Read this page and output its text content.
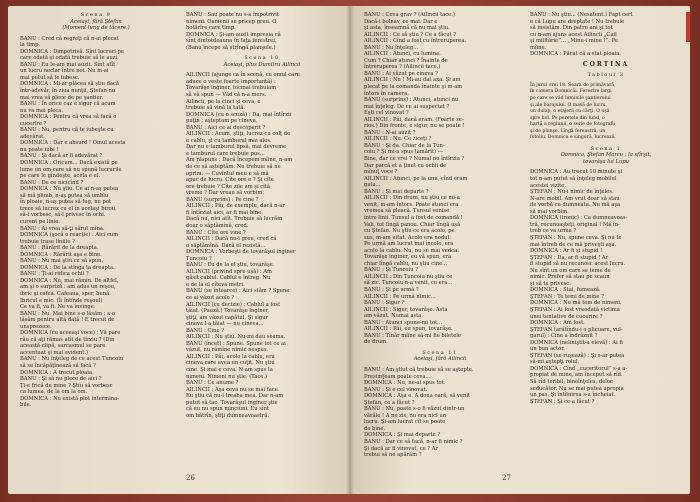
Scena 9

Aceiaşi, fără Ştefan

(Moment lung de tăcere.)

BANU : Cred că regreţi că n-ai plecat

la timp.

DOMNICA : Dimpotrivă. Sînt lucruri pe

care odată şi odată trebuie să le auzi.

BANU : Eu le-am mai auzit. Sînt atît

un lucru neclar între noi. Nu m-ai

mai putut să le iubesc.

DOMNICA : Mi-ar plăcea să ştiu dacă

într-adevăr, în ziua nunţii, Ştefan nu

mai vrea să plece de pe şantier.

BANU : În orice caz e sigur că acum

nu va mai pleca.

DOMNICA : Pentru că vrea să facă o

cucerire ?

BANU : Nu, pentru că te iubeşte cu

adevărat.

DOMNICA : Dar e absurd ! Omul acesta

nu poate iubi !

BANU : Şi dacă ar fi adevărat ?

DOMNICA : Oricum... Dacă există pe

lume un om care să nu spună lucrurile

pe care le gîndeşte, acela e el.

BANU : De ce nicicînd ?

DOMNICA : Nu ştiu. Ce ai n-aş putea

să mă plimb, n-aş putea să umblu

în ploaie, n-aş putea să fug, nu pot

trece să lucrez cu el în acelaşi birou,

să-i vorbesc, să-l privesc în ochi.

curent pe linie.

BANU : Ai vrea să-ţi sărut mîna.

DOMNICA (şocă o reacţie) : Aici cum

trebuie trase liniile ?

BANU : Rărărit de la dreapta.

DOMNICA : Rărărit aşa e bine.

BANU : Nu mai ştiu ce să spun.

DOMNICA : De la stînga la dreapta.

BANU : Ţi-ai ridica ochii ?

DOMNICA : Nu, mai rămîn. De altfel,

am şi o surpriză : am adus un reşou,

ibric şi cafea. Cafeaua, sper, bună.

Ibricul e mic. (Îi întinde reşoul)

Ce va fi, va fi. Ne va învinge.

BANU : Nu. Mai bine s-o lăsăm ; a-o

lăsăm pentru altă dată ! E trecut de

unsprezece.

DOMNICA (cu aceeaşi voce) : Vă pare

rău că aţi rămas atît de tîrziu ? (Din

această clipă, sarcasmul se pare

accentuat şi mai evident.)

BANU : Nu înţeleg de ce acest Tuncoiu

să se încăpăţînează să facă ?

DOMNICA : A trecut ploaia.

BANU : Şi să nu plece de aici ?

Ţi-e frică de mine ? Ştiu să vorbesc

ca lumea, de la om la om.

DOMNICA : Nu există plot intermina-

bile.

BANU : Sau poate nu s-a împotrivit

nimeni. Oamenii se pricep greu. O

hotărîre care timp.

DOMNICA : Şi-am auzit impresia că

sînt dintotdeauna în faţa ferestrei.

(Banu începe să strîngă planşele.)

Scena 10

Aceiaşi, plus Dumitru Ailincii

AILINCII (ajunge ca în scenă, cu omul care

aduce o veste foarte importantă) :

Tovarăşe inginer, tocmai trebuiam

să vă spun — Văd că n-a mers.

Ailincii, pe la cinci şi ceva, e

trebuie să vină la tată.

DOMNICA (cu o scuză) : Da, mai întîrzii

puţin ; aşteptam pe cineva.

BANU : Aici ce ai descoperit ?

AILINCII : Acum, ştiţi, lucrez cu colţ de

e cablu, şi cu tamburul mai ales.

Dar nu e tamburul lipsă, mai devreme

e tamburul care trebuie pus...

Am răspuns : Dacă începem mîine, n-am

de ce să aşteptăm. Nu trebuie să ne

oprim. — Cuvîntul meu e să mă

apuc de lucru. Cîte ore e ? Şi cîte

ore trebuie ? Cîte zile am şi cîtă

vreme ? Dar vreau să vorbim.

BANU (surprins) : Pe cine ?

AILINCII : Păi, de exemplu, dacă n-ar

fi întîrziat aici, ar fi mai bine.

Dacă nu, nici atît. Trebuie să lucrăm

doar o săptămînă, cred.

BANU : Cîte ore vine ?

AILINCII : Dacă nu-i greu, cred că

o săptămînă. Dacă el rezistă...

DOMNICA : Vorbeşti de tovarăşul inginer

Tuncoiu ?

BANU : Eu de la el ştiu, tovarăşe.

AILINCII (privind spre ușă) : Am

găsit cablul. Cablul e întreg. Nu

e de la el cîteva metri.

BANU (se întoarce) : Aici stăm ? Spune

ce ai văzut acolo ?

AILINCII (cu decizie) : Cablul a fost

tăiat. (Pauză.) Tovarăşe inginer,

ştiţi, am văzut capătul. Şi sigur

cineva l-a tăiat — nu cineva...

BANU : Cine ?

AILINCII : Nu ştiu. Nu-mi dau seama.

BANU (încet) : Spune. Spune tot ce ai

văzut, nu rămîne nimic nespus.

AILINCII : Păi, acolo la cablu, era

cineva care avea un cuţit. Nu ştiu

cine. Şi mai e ceva. N-am spus la

nimeni. Nimeni nu ştie. (Tace.)

BANU : Ce anume ?

AILINCII : Aşa ceva nu se mai face.

Eu ştiu că nu-i treaba mea. Dar n-am

putut să tac. Tovarăşul inginer ştie

că eu nu spun minciuni. Eu sînt

om bătrîn, ştiţi dumneavoastră.

26

BANU : Ceva grav ? (Ailincii tace.)

Dacă-i bolnav, ce mai. Dar e

şi asta, înseamnă că nu mai ştiu.

AILINCII : Ce să ştiu ? Ce a făcut ?

AILINCII : Cînd a fost cu întreruperea.

BANU : Nu înţeleg...

AILINCII : Atunci, cu lumina.

Cum ? Chiar atunci ? Înainte de

întreruperea ? (Ailincii tace.)

BANU : Ai văzut pe cineva ?

AILINCII : Nu ! Mi-au dat axa. Şi am

plecat pe la comanda înainte şi m-am

întors în camera.

BANU (surprins) : Atunci, atunci nu

mai înţeleg. De ce ai suspectat ?

Eşti cel vinovat ?

AILINCII : Păi, dacă eram. (Foarte se-

rios.) Din fronte, e sigur, nu se poate !

BANU : N-ai auzit ?

AILINCII : Nu. Ce ziceţi ?

BANU : Şi da. Chiar de la Tun-

coiu ? Şi mi-a spus (amărît) —

Bine, dar ce vrei ? Numai nu întîrzia ?

Dar parcă et a ţinut cu ochii de

mînuţ voce ?

AILINCII : Atunci, pe la unu, cînd eram

gata...

BANU : Şi mai departe ?

AILINCII : Din drum, nu ştiu ce mi-a

venit, m-am întors. Poate atunci era

vremea să pleacă. Tunsul venise

între linii. Tunsul a fost de comandă !

Vali, tot lîngă panou. Chiar lîngă ușă

cu Ştefan. Nu ştiu ce era acolo, pe

sus, m-am uitat. Acolo era nodul.

Pe urmă am lucrat mai încolo, era

acolo la cablu. Nu, nu se mai vedea.

Tovarăşe inginer, eu vă spun, era

chiar lîngă cablu, nu ştiu cine...

BANU : Şi Tuncoiu ?

AILINCII : Din Tuncoiu nu ştiu ce

să zic. Tuncoiu n-a venit, ce era...

BANU : Şi pe urmă ?

AILINCII : Pe urmă nimic...

BANU : Sigur ?

AILINCII : Sigur, tovarăşe. Asta

am văzut. Numai asta.

BANU : Atunci spune-mi tot...

AILINCII : Păi, eu spun, tovarăşe.

BANU : Tînăr mîine să-mi fie biletele

de drum.

Scena 11

Aceiaşi, fără Ailincii

BANU : Am ştiut că trebuie să se aştepte.

Presimţeam poate ceva...

DOMNICA : Nu, ne-ai spus tot.

BANU : Şi e cel vinovat.

DOMNICA : Aşa e. A doua oară, să venit

Ştefan, ce a făcut ?

BANU : Nu, poate s-o fi văzut dintr-un

vărăle ! A ne zis, nu era nici un

lucru. Şi-am lucrat cît se poate

de bine.

DOMNICA : Şi mai departe ?

BANU : Dar ce să facă, n-ar fi nimic ?

Şi dacă ar fi vinovat, ce ? Ar

trebui să ne apărăm ?

BANU : Nu ştiu... (Nesatent.) Fapt cert

e că Lupu are dreptate ! Nu trebuie

să insistăm. Din patru ani şi tot

cu n-am ajuns acest Ailincii „Cail

şi militărie”... „Minu-i mine !”. Pe

mîine.

DOMNICA : Păcat că a stat ploaia.

CORTINA

Tabloul 3

În jurul orei 18. Seara de primăvară,

în camera Domnicăi. Ferestre largi

pe care se văd luminile şantierului

şi ale barajului. O masă de lucru,

un dulap, o etajeră cu cărţi. O uşă

spre hol. Pe peretele din fund, o

hartă a regiunii, o serie de fotografii

şi de planşe. Lîngă fereastră, un

fotoliu. Domnica e singură, lucrează.

Scena 1

Domnica, Ştefan Marcu ; la sfîrşit,

tovarăşa lui Lupu

DOMNICA : Au trecut 10 minute şi

tot n-am putut să înţeleg mobilul

acestei vizite.

ŞTEFAN : Nu-i nimic de înţeles.

N-are mobil. Am vrut doar să stau

de vorbă cu dumneata. Nu mă aşa

să mai vorbim.

DOMNICA (ironic) : Ca dumneavoas-

tră, recunoaşteţi, original ! Mă în-

treb ce va urma ?

ŞTEFAN : Nu, spune ceva. Şi nu te

mai întreb de ce mă priveşti aşa.

DOMNICA : Ar fi şi stupid !

ŞTEFAN : Da, ar fi stupid ! Ar

fi stupid să nu recunosc acest lucru.

Nu sînt un om care se teme de

nimic. Prefer să stau pe scaun

şi să te privesc.

DOMNICA : Stai, fumează.

ŞTEFAN : Te temi de mine ?

DOMNICA : Nu mă tem de nimeni.

ŞTEFAN : Ai fost vreodată victima

unei tentative de cucerire ?

DOMNICA : Am fost.

ŞTEFAN (arătîndu-i o plicuare, vul-

garul) : Cine a îndrăznit ?

DOMNICA (neliniştit-a elevă) : Ai fi

un bun actor.

ŞTEFAN (se ruşează) : Şi s-ar putea

să-mi aştepţi rolul.

DOMNICA : Cînd „cuceritorul” s-a a-

propiat de mine, am început să rîd.

Să rîd teribil, bineînţeles, deloc

seducător. Nu se mai putea apropia

un pas. Şi întîlnirea s-a încheiat.

ŞTEFAN : Şi ce-a făcut ?

27
